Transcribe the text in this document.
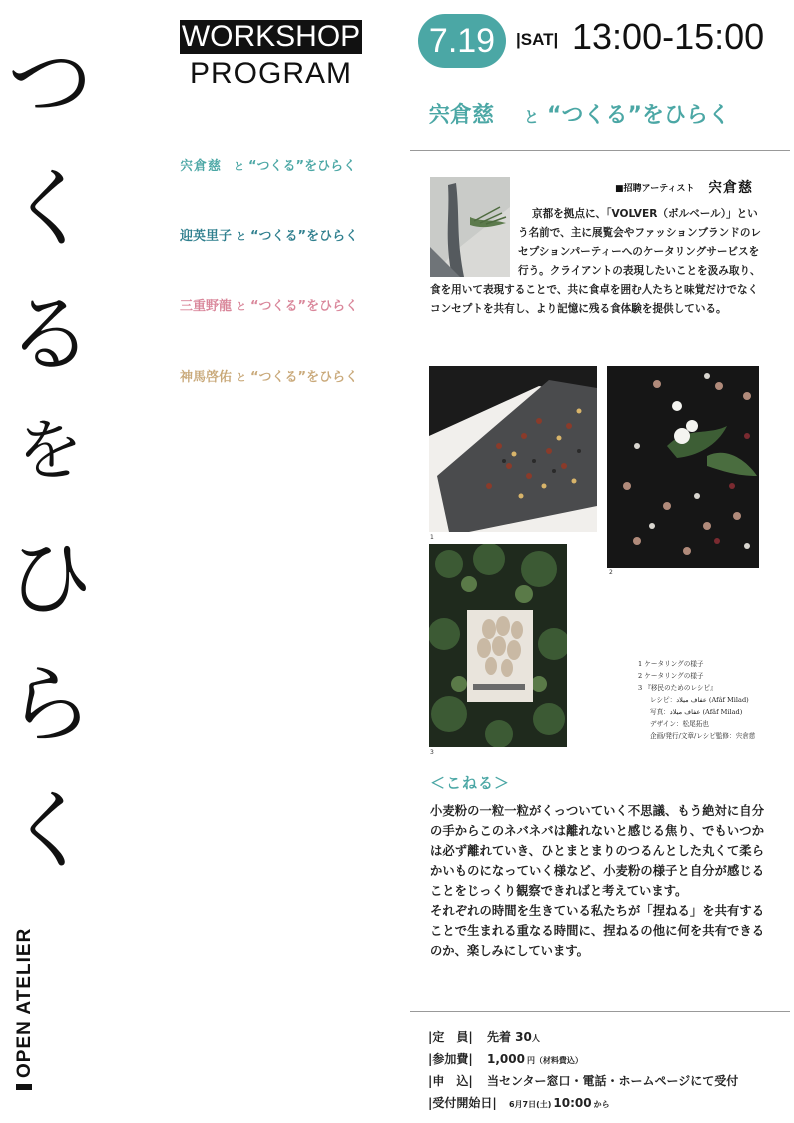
つ
く
る
を
ひ
ら
く
OPEN ATELIER
WORKSHOP
PROGRAM
宍倉慈 と “つくる”をひらく
迎英里子 と “つくる”をひらく
三重野龍 と “つくる”をひらく
神馬啓佑 と “つくる”をひらく
7.19	|SAT| 13:00-15:00
宍倉慈 と “つくる”をひらく
■招聘アーティスト 宍倉慈
京都を拠点に、「VOLVER（ボルベール）」という名前で、主に展覧会やファッションブランドのレセプションパーティーへのケータリングサービスを行う。クライアントの表現したいことを汲み取り、食を用いて表現することで、共に食卓を囲む人たちと味覚だけでなくコンセプトを共有し、より記憶に残る食体験を提供している。
1
2
3
1 ケータリングの様子
2 ケータリングの様子
3 『移民のためのレシピ』
レシピ：ﻋﻔﺎﻑ ﻣﻴﻼﺩ (Afâf Milad)
写真：ﻋﻔﺎﻑ ﻣﻴﻼﺩ (Afâf Milad)
デザイン：松尾拓也
企画/発行/文章/レシピ監修：宍倉慈
＜こねる＞
小麦粉の一粒一粒がくっついていく不思議、もう絶対に自分の手からこのネバネバは離れないと感じる焦り、でもいつかは必ず離れていき、ひとまとまりのつるんとした丸くて柔らかいものになっていく様など、小麦粉の様子と自分が感じることをじっくり観察できればと考えています。
それぞれの時間を生きている私たちが「捏ねる」を共有することで生まれる重なる時間に、捏ねるの他に何を共有できるのか、楽しみにしています。
|定　員| 先着 30人
|参加費| 1,000 円（材料費込）
|申　込| 当センター窓口・電話・ホームページにて受付
|受付開始日| 6月7日(土) 10:00 から
